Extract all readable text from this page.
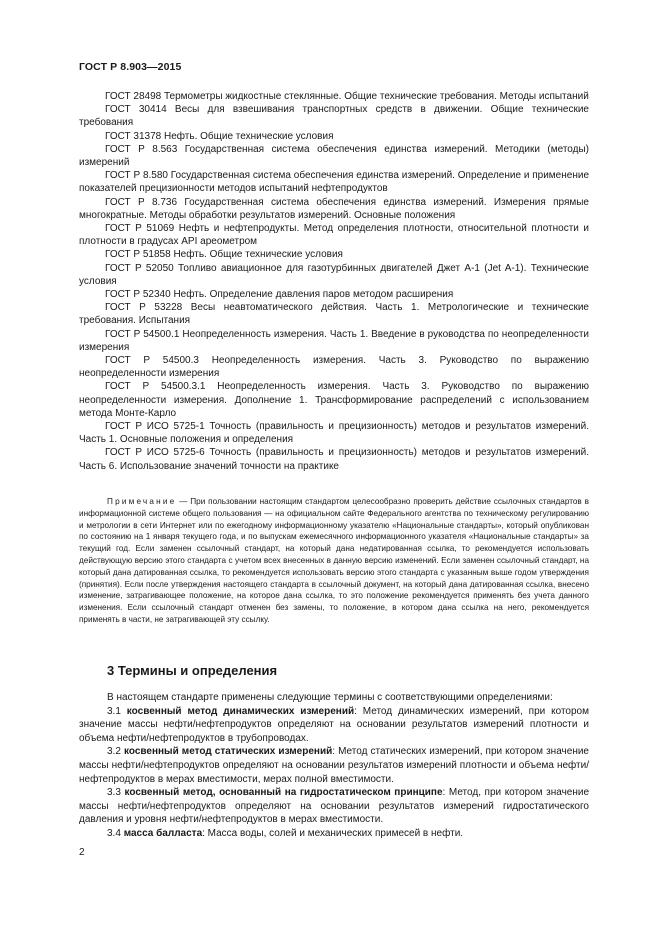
ГОСТ Р 8.903—2015

ГОСТ 28498 Термометры жидкостные стеклянные. Общие технические требования. Методы испытаний

ГОСТ 30414 Весы для взвешивания транспортных средств в движении. Общие технические требования

ГОСТ 31378 Нефть. Общие технические условия

ГОСТ Р 8.563 Государственная система обеспечения единства измерений. Методики (методы) измерений

ГОСТ Р 8.580 Государственная система обеспечения единства измерений. Определение и применение показателей прецизионности методов испытаний нефтепродуктов

ГОСТ Р 8.736 Государственная система обеспечения единства измерений. Измерения прямые многократные. Методы обработки результатов измерений. Основные положения

ГОСТ Р 51069 Нефть и нефтепродукты. Метод определения плотности, относительной плотности и плотности в градусах API ареометром

ГОСТ Р 51858 Нефть. Общие технические условия

ГОСТ Р 52050 Топливо авиационное для газотурбинных двигателей Джет А-1 (Jet A-1). Технические условия

ГОСТ Р 52340 Нефть. Определение давления паров методом расширения

ГОСТ Р 53228 Весы неавтоматического действия. Часть 1. Метрологические и технические требования. Испытания

ГОСТ Р 54500.1 Неопределенность измерения. Часть 1. Введение в руководства по неопределенности измерения

ГОСТ Р 54500.3 Неопределенность измерения. Часть 3. Руководство по выражению неопределенности измерения

ГОСТ Р 54500.3.1 Неопределенность измерения. Часть 3. Руководство по выражению неопределенности измерения. Дополнение 1. Трансформирование распределений с использованием метода Монте-Карло

ГОСТ Р ИСО 5725-1 Точность (правильность и прецизионность) методов и результатов измерений. Часть 1. Основные положения и определения

ГОСТ Р ИСО 5725-6 Точность (правильность и прецизионность) методов и результатов измерений. Часть 6. Использование значений точности на практике

Примечание — При пользовании настоящим стандартом целесообразно проверить действие ссылочных стандартов в информационной системе общего пользования — на официальном сайте Федерального агентства по техническому регулированию и метрологии в сети Интернет или по ежегодному информационному указателю «Национальные стандарты», который опубликован по состоянию на 1 января текущего года, и по выпускам ежемесячного информационного указателя «Национальные стандарты» за текущий год. Если заменен ссылочный стандарт, на который дана недатированная ссылка, то рекомендуется использовать действующую версию этого стандарта с учетом всех внесенных в данную версию изменений. Если заменен ссылочный стандарт, на который дана датированная ссылка, то рекомендуется использовать версию этого стандарта с указанным выше годом утверждения (принятия). Если после утверждения настоящего стандарта в ссылочный документ, на который дана датированная ссылка, внесено изменение, затрагивающее положение, на которое дана ссылка, то это положение рекомендуется применять без учета данного изменения. Если ссылочный стандарт отменен без замены, то положение, в котором дана ссылка на него, рекомендуется применять в части, не затрагивающей эту ссылку.

3 Термины и определения

В настоящем стандарте применены следующие термины с соответствующими определениями:

3.1 косвенный метод динамических измерений: Метод динамических измерений, при котором значение массы нефти/нефтепродуктов определяют на основании результатов измерений плотности и объема нефти/нефтепродуктов в трубопроводах.

3.2 косвенный метод статических измерений: Метод статических измерений, при котором значение массы нефти/нефтепродуктов определяют на основании результатов измерений плотности и объема нефти/нефтепродуктов в мерах вместимости, мерах полной вместимости.

3.3 косвенный метод, основанный на гидростатическом принципе: Метод, при котором значение массы нефти/нефтепродуктов определяют на основании результатов измерений гидростатического давления и уровня нефти/нефтепродуктов в мерах вместимости.

3.4 масса балласта: Масса воды, солей и механических примесей в нефти.

2
